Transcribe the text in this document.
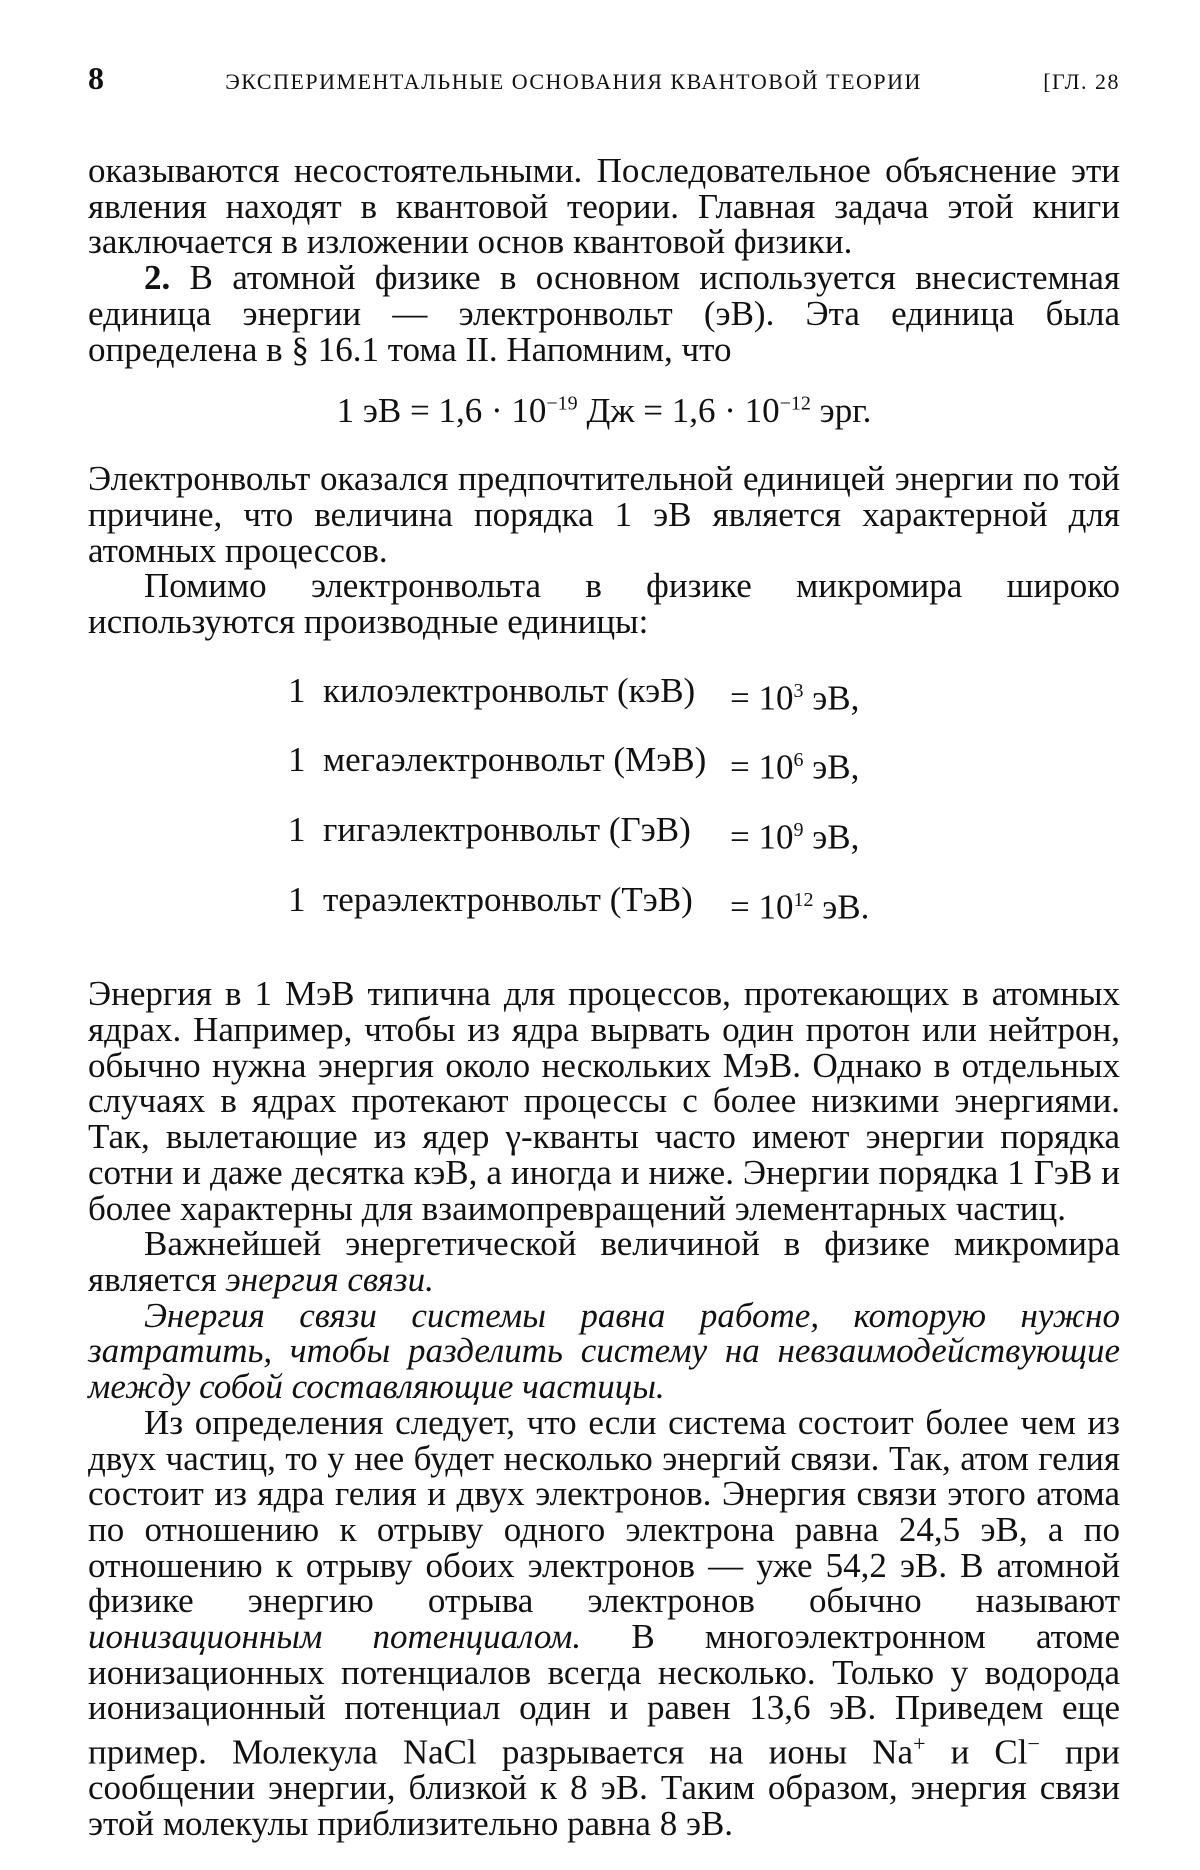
8	ЭКСПЕРИМЕНТАЛЬНЫЕ ОСНОВАНИЯ КВАНТОВОЙ ТЕОРИИ	[ГЛ. 28

оказываются несостоятельными. Последовательное объяснение эти явления находят в квантовой теории. Главная задача этой книги заключается в изложении основ квантовой физики.

2. В атомной физике в основном используется внесистемная единица энергии — электронвольт (эВ). Эта единица была определена в § 16.1 тома II. Напомним, что

1 эВ = $1,6 \cdot 10^{-19}$ Дж = $1,6 \cdot 10^{-12}$ эрг.

Электронвольт оказался предпочтительной единицей энергии по той причине, что величина порядка 1 эВ является характерной для атомных процессов.

Помимо электронвольта в физике микромира широко используются производные единицы:

1  килоэлектронвольт $(кэВ) = 10^3$ эВ,
1  мегаэлектронвольт $(МэВ) = 10^6$ эВ,
1  гигаэлектронвольт (ГэВ)	= $10^9$ эВ,
1  тераэлектронвольт (ТэВ)	= $10^{12}$ эВ.

Энергия в 1 МэВ типична для процессов, протекающих в атомных ядрах. Например, чтобы из ядра вырвать один протон или нейтрон, обычно нужна энергия около нескольких МэВ. Однако в отдельных случаях в ядрах протекают процессы с более низкими энергиями. Так, вылетающие из ядер γ-кванты часто имеют энергии порядка сотни и даже десятка кэВ, а иногда и ниже. Энергии порядка 1 ГэВ и более характерны для взаимопревращений элементарных частиц.

Важнейшей энергетической величиной в физике микромира является энергия связи.

Энергия связи системы равна работе, которую нужно затратить, чтобы разделить систему на невзаимодействующие между собой составляющие частицы.

Из определения следует, что если система состоит более чем из двух частиц, то у нее будет несколько энергий связи. Так, атом гелия состоит из ядра гелия и двух электронов. Энергия связи этого атома по отношению к отрыву одного электрона равна 24,5 эВ, а по отношению к отрыву обоих электронов — уже 54,2 эВ. В атомной физике энергию отрыва электронов обычно называют ионизационным потенциалом. В многоэлектронном атоме ионизационных потенциалов всегда несколько. Только у водорода ионизационный потенциал один и равен 13,6 эВ. Приведем еще пример. Молекула NaCl разрывается на ионы Na+ и Cl− при сообщении энергии, близкой к 8 эВ. Таким образом, энергия связи этой молекулы приблизительно равна 8 эВ.
